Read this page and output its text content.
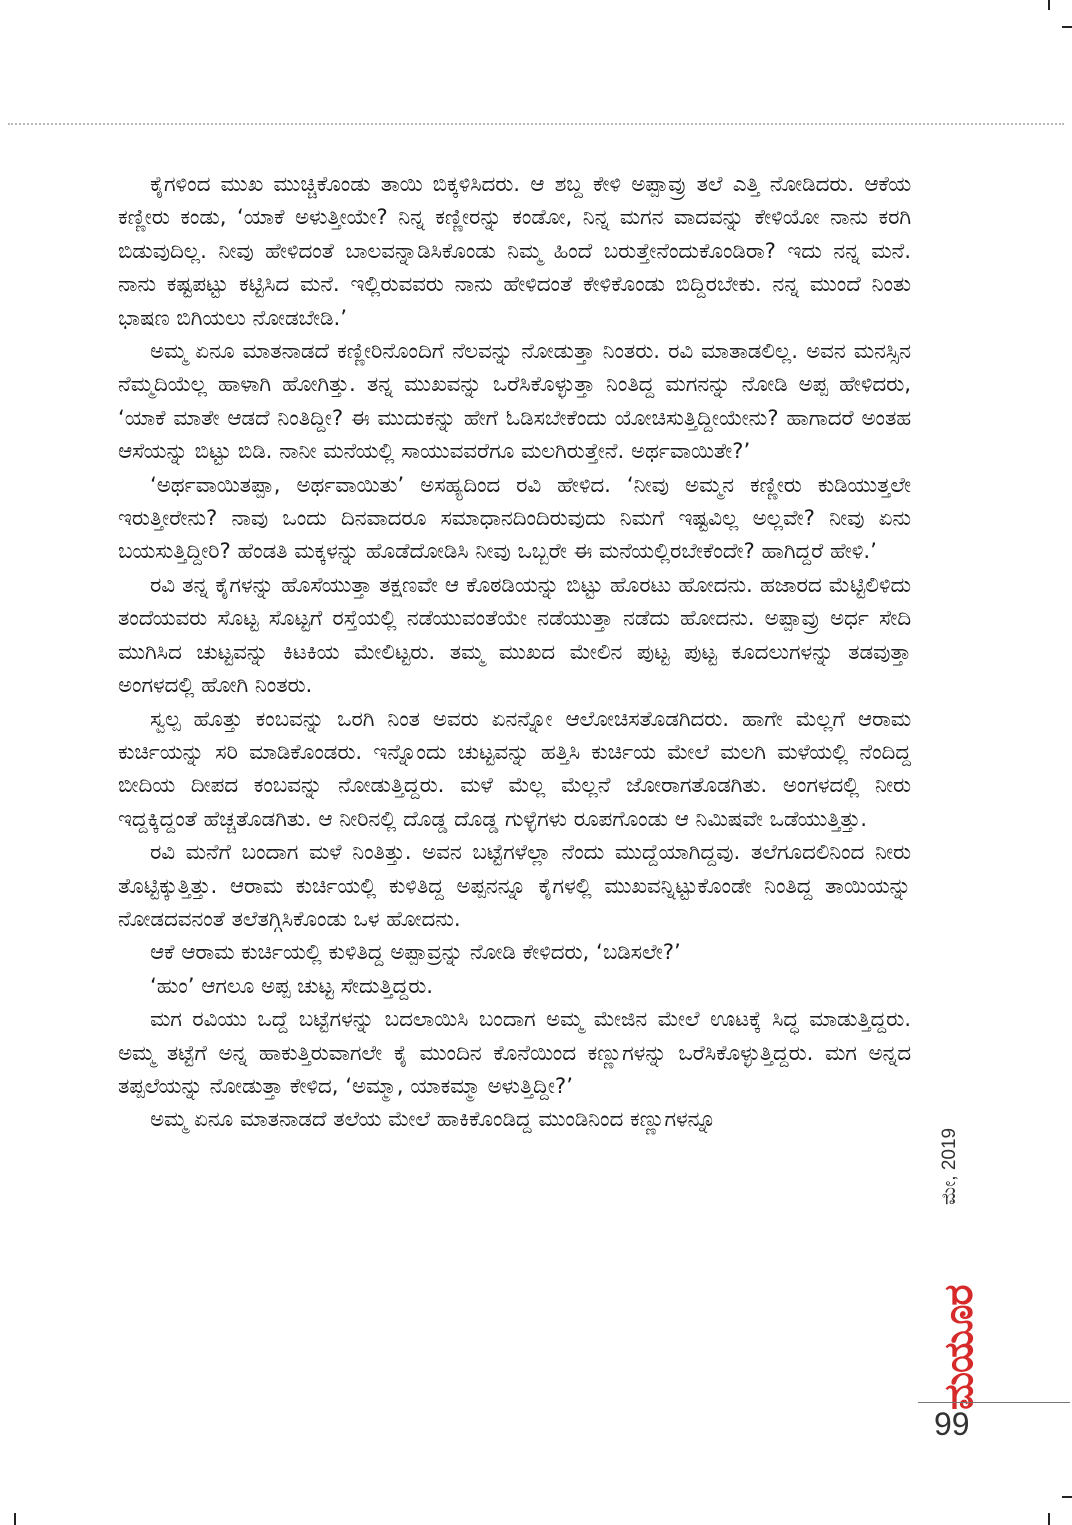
ಕೈಗಳಿಂದ ಮುಖ ಮುಚ್ಚಿಕೊಂಡು ತಾಯಿ ಬಿಕ್ಕಳಿಸಿದರು. ಆ ಶಬ್ದ ಕೇಳಿ ಅಪ್ಪಾವ್ರು ತಲೆ ಎತ್ತಿ ನೋಡಿದರು. ಆಕೆಯ ಕಣ್ಣೀರು ಕಂಡು, ‘ಯಾಕೆ ಅಳುತ್ತೀಯೇ? ನಿನ್ನ ಕಣ್ಣೀರನ್ನು ಕಂಡೋ, ನಿನ್ನ ಮಗನ ವಾದವನ್ನು ಕೇಳಿಯೋ ನಾನು ಕರಗಿ ಬಿಡುವುದಿಲ್ಲ. ನೀವು ಹೇಳಿದಂತೆ ಬಾಲವನ್ನಾಡಿಸಿಕೊಂಡು ನಿಮ್ಮ ಹಿಂದೆ ಬರುತ್ತೇನೆಂದುಕೊಂಡಿರಾ? ಇದು ನನ್ನ ಮನೆ. ನಾನು ಕಷ್ಟಪಟ್ಟು ಕಟ್ಟಿಸಿದ ಮನೆ. ಇಲ್ಲಿರುವವರು ನಾನು ಹೇಳಿದಂತೆ ಕೇಳಿಕೊಂಡು ಬಿದ್ದಿರಬೇಕು. ನನ್ನ ಮುಂದೆ ನಿಂತು ಭಾಷಣ ಬಿಗಿಯಲು ನೋಡಬೇಡಿ.’

ಅಮ್ಮ ಏನೂ ಮಾತನಾಡದೆ ಕಣ್ಣೀರಿನೊಂದಿಗೆ ನೆಲವನ್ನು ನೋಡುತ್ತಾ ನಿಂತರು. ರವಿ ಮಾತಾಡಲಿಲ್ಲ. ಅವನ ಮನಸ್ಸಿನ ನೆಮ್ಮದಿಯೆಲ್ಲ ಹಾಳಾಗಿ ಹೋಗಿತ್ತು. ತನ್ನ ಮುಖವನ್ನು ಒರೆಸಿಕೊಳ್ಳುತ್ತಾ ನಿಂತಿದ್ದ ಮಗನನ್ನು ನೋಡಿ ಅಪ್ಪ ಹೇಳಿದರು, ‘ಯಾಕೆ ಮಾತೇ ಆಡದೆ ನಿಂತಿದ್ದೀ? ಈ ಮುದುಕನ್ನು ಹೇಗೆ ಓಡಿಸಬೇಕೆಂದು ಯೋಚಿಸುತ್ತಿದ್ದೀಯೇನು? ಹಾಗಾದರೆ ಅಂತಹ ಆಸೆಯನ್ನು ಬಿಟ್ಟು ಬಿಡಿ. ನಾನೀ ಮನೆಯಲ್ಲಿ ಸಾಯುವವರೆಗೂ ಮಲಗಿರುತ್ತೇನೆ. ಅರ್ಥವಾಯಿತೇ?’

‘ಅರ್ಥವಾಯಿತಪ್ಪಾ, ಅರ್ಥವಾಯಿತು’ ಅಸಹ್ಯದಿಂದ ರವಿ ಹೇಳಿದ. ‘ನೀವು ಅಮ್ಮನ ಕಣ್ಣೀರು ಕುಡಿಯುತ್ತಲೇ ಇರುತ್ತೀರೇನು? ನಾವು ಒಂದು ದಿನವಾದರೂ ಸಮಾಧಾನದಿಂದಿರುವುದು ನಿಮಗೆ ಇಷ್ಟವಿಲ್ಲ ಅಲ್ಲವೇ? ನೀವು ಏನು ಬಯಸುತ್ತಿದ್ದೀರಿ? ಹೆಂಡತಿ ಮಕ್ಕಳನ್ನು ಹೊಡೆದೋಡಿಸಿ ನೀವು ಒಬ್ಬರೇ ಈ ಮನೆಯಲ್ಲಿರಬೇಕೆಂದೇ? ಹಾಗಿದ್ದರೆ ಹೇಳಿ.’

ರವಿ ತನ್ನ ಕೈಗಳನ್ನು ಹೊಸೆಯುತ್ತಾ ತಕ್ಷಣವೇ ಆ ಕೊಠಡಿಯನ್ನು ಬಿಟ್ಟು ಹೊರಟು ಹೋದನು. ಹಜಾರದ ಮೆಟ್ಟಿಲಿಳಿದು ತಂದೆಯವರು ಸೊಟ್ಟ ಸೊಟ್ಟಗೆ ರಸ್ತೆಯಲ್ಲಿ ನಡೆಯುವಂತೆಯೇ ನಡೆಯುತ್ತಾ ನಡೆದು ಹೋದನು. ಅಪ್ಪಾವ್ರು ಅರ್ಧ ಸೇದಿ ಮುಗಿಸಿದ ಚುಟ್ಟವನ್ನು ಕಿಟಕಿಯ ಮೇಲಿಟ್ಟರು. ತಮ್ಮ ಮುಖದ ಮೇಲಿನ ಪುಟ್ಟ ಪುಟ್ಟ ಕೂದಲುಗಳನ್ನು ತಡವುತ್ತಾ ಅಂಗಳದಲ್ಲಿ ಹೋಗಿ ನಿಂತರು.

ಸ್ವಲ್ಪ ಹೊತ್ತು ಕಂಬವನ್ನು ಒರಗಿ ನಿಂತ ಅವರು ಏನನ್ನೋ ಆಲೋಚಿಸತೊಡಗಿದರು. ಹಾಗೇ ಮೆಲ್ಲಗೆ ಆರಾಮ ಕುರ್ಚಿಯನ್ನು ಸರಿ ಮಾಡಿಕೊಂಡರು. ಇನ್ನೊಂದು ಚುಟ್ಟವನ್ನು ಹತ್ತಿಸಿ ಕುರ್ಚಿಯ ಮೇಲೆ ಮಲಗಿ ಮಳೆಯಲ್ಲಿ ನೆಂದಿದ್ದ ಬೀದಿಯ ದೀಪದ ಕಂಬವನ್ನು ನೋಡುತ್ತಿದ್ದರು. ಮಳೆ ಮೆಲ್ಲ ಮೆಲ್ಲನೆ ಜೋರಾಗತೊಡಗಿತು. ಅಂಗಳದಲ್ಲಿ ನೀರು ಇದ್ದಕ್ಕಿದ್ದಂತೆ ಹೆಚ್ಚತೊಡಗಿತು. ಆ ನೀರಿನಲ್ಲಿ ದೊಡ್ಡ ದೊಡ್ಡ ಗುಳ್ಳೆಗಳು ರೂಪಗೊಂಡು ಆ ನಿಮಿಷವೇ ಒಡೆಯುತ್ತಿತ್ತು.

ರವಿ ಮನೆಗೆ ಬಂದಾಗ ಮಳೆ ನಿಂತಿತ್ತು. ಅವನ ಬಟ್ಟೆಗಳೆಲ್ಲಾ ನೆಂದು ಮುದ್ದೆಯಾಗಿದ್ದವು. ತಲೆಗೂದಲಿನಿಂದ ನೀರು ತೊಟ್ಟಿಕ್ಕುತ್ತಿತ್ತು. ಆರಾಮ ಕುರ್ಚಿಯಲ್ಲಿ ಕುಳಿತಿದ್ದ ಅಪ್ಪನನ್ನೂ ಕೈಗಳಲ್ಲಿ ಮುಖವನ್ನಿಟ್ಟುಕೊಂಡೇ ನಿಂತಿದ್ದ ತಾಯಿಯನ್ನು ನೋಡದವನಂತೆ ತಲೆತಗ್ಗಿಸಿಕೊಂಡು ಒಳ ಹೋದನು.

ಆಕೆ ಆರಾಮ ಕುರ್ಚಿಯಲ್ಲಿ ಕುಳಿತಿದ್ದ ಅಪ್ಪಾವ್ರನ್ನು ನೋಡಿ ಕೇಳಿದರು, ‘ಬಡಿಸಲೇ?’

‘ಹುಂ’ ಆಗಲೂ ಅಪ್ಪ ಚುಟ್ಟ ಸೇದುತ್ತಿದ್ದರು.

ಮಗ ರವಿಯು ಒದ್ದೆ ಬಟ್ಟೆಗಳನ್ನು ಬದಲಾಯಿಸಿ ಬಂದಾಗ ಅಮ್ಮ ಮೇಜಿನ ಮೇಲೆ ಊಟಕ್ಕೆ ಸಿದ್ಧ ಮಾಡುತ್ತಿದ್ದರು. ಅಮ್ಮ ತಟ್ಟೆಗೆ ಅನ್ನ ಹಾಕುತ್ತಿರುವಾಗಲೇ ಕೈ ಮುಂದಿನ ಕೊನೆಯಿಂದ ಕಣ್ಣುಗಳನ್ನು ಒರೆಸಿಕೊಳ್ಳುತ್ತಿದ್ದರು. ಮಗ ಅನ್ನದ ತಪ್ಪಲೆಯನ್ನು ನೋಡುತ್ತಾ ಕೇಳಿದ, ‘ಅಮ್ಮಾ, ಯಾಕಮ್ಮಾ ಅಳುತ್ತಿದ್ದೀ?’

ಅಮ್ಮ ಏನೂ ಮಾತನಾಡದೆ ತಲೆಯ ಮೇಲೆ ಹಾಕಿಕೊಂಡಿದ್ದ ಮುಂಡಿನಿಂದ ಕಣ್ಣುಗಳನ್ನೂ

ಮೇ, 2019
ಮಯೂರ
99
